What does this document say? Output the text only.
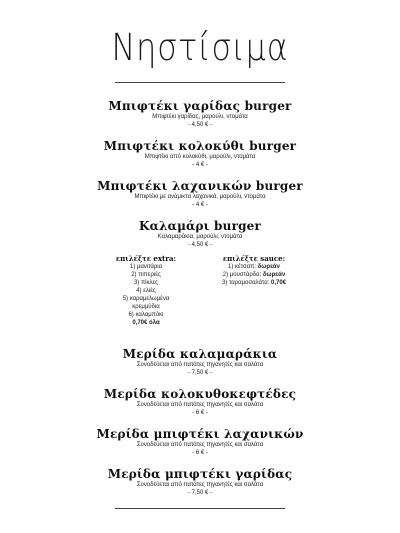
Νηστίσιμα
Μπιφτέκι γαρίδας burger
Μπιφτέκι γαρίδας, μαρούλι, ντομάτα
- 4,50 € -
Μπιφτέκι κολοκύθι burger
Μπιφτέκι από κολοκύθι, μαρούλι, ντομάτα
- 4 € -
Μπιφτέκι λαχανικών burger
Μπιφτέκι με ανάμικτα λαχανικά, μαρούλι, ντομάτα
- 4 € -
Καλαμάρι burger
Καλαμαράκια, μαρούλι, ντομάτα
- 4,50 € -
επιλέξτε extra:
1) μανιτάρια
2) πιπεριές
3) πίκλες
4) ελιές
5) καραμελωμένα
κρεμμύδια
6) καλαμπόκι
0,70€ όλα
επιλέξτε sauce:
1) κέτσαπ: δωρεάν
2) μουστάρδα: δωρεάν
3) ταραμοσαλάτα: 0,70€
Μερίδα καλαμαράκια
Συνοδεύεται από πατάτες τηγανητές και σαλάτα
- 7,50 € -
Μερίδα κολοκυθοκεφτέδες
Συνοδεύεται από πατάτες τηγανητές και σαλάτα
- 6 € -
Μερίδα μπιφτέκι λαχανικών
Συνοδεύεται από πατάτες τηγανητές και σαλάτα
- 6 € -
Μερίδα μπιφτέκι γαρίδας
Συνοδεύεται από πατάτες τηγανητές και σαλάτα
- 7,50 € -
